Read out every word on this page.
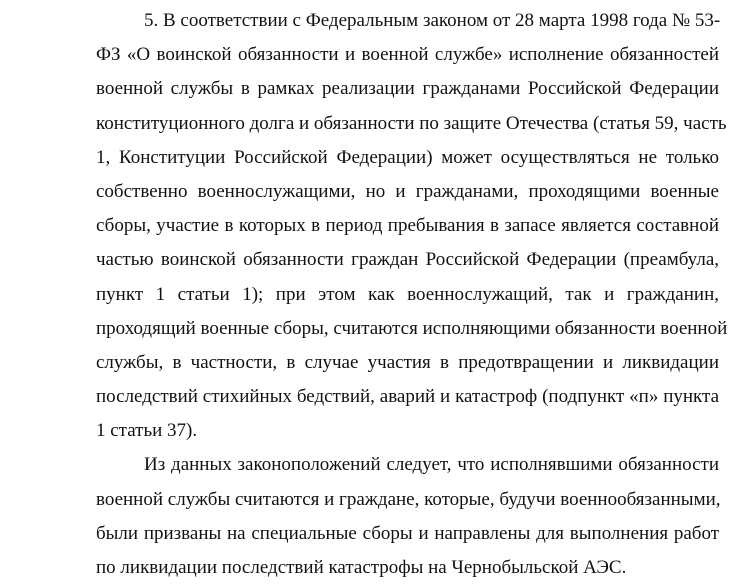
5. В соответствии с Федеральным законом от 28 марта 1998 года № 53-
ФЗ «О воинской обязанности и военной службе» исполнение обязанностей
военной службы в рамках реализации гражданами Российской Федерации
конституционного долга и обязанности по защите Отечества (статья 59, часть
1, Конституции Российской Федерации) может осуществляться не только
собственно военнослужащими, но и гражданами, проходящими военные
сборы, участие в которых в период пребывания в запасе является составной
частью воинской обязанности граждан Российской Федерации (преамбула,
пункт 1 статьи 1); при этом как военнослужащий, так и гражданин,
проходящий военные сборы, считаются исполняющими обязанности военной
службы, в частности, в случае участия в предотвращении и ликвидации
последствий стихийных бедствий, аварий и катастроф (подпункт «п» пункта
1 статьи 37).
Из данных законоположений следует, что исполнявшими обязанности
военной службы считаются и граждане, которые, будучи военнообязанными,
были призваны на специальные сборы и направлены для выполнения работ
по ликвидации последствий катастрофы на Чернобыльской АЭС.
